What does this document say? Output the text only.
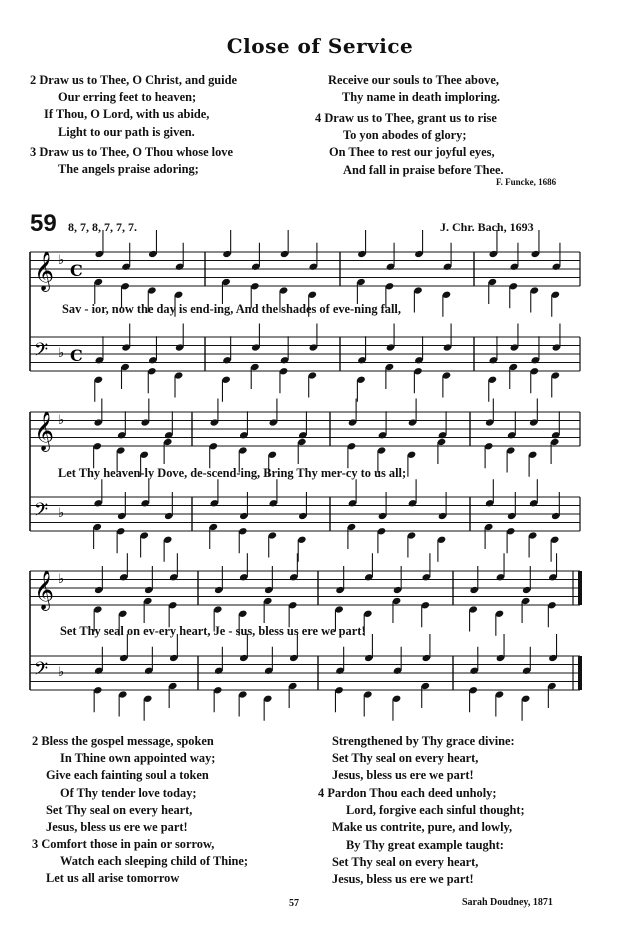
Close of Service
2 Draw us to Thee, O Christ, and guide
Our erring feet to heaven;
If Thou, O Lord, with us abide,
Light to our path is given.
3 Draw us to Thee, O Thou whose love
The angels praise adoring;
Receive our souls to Thee above,
Thy name in death imploring.
4 Draw us to Thee, grant us to rise
To yon abodes of glory;
On Thee to rest our joyful eyes,
And fall in praise before Thee.
F. Funcke, 1686
59 8, 7, 8, 7, 7, 7.	J. Chr. Bach, 1693
𝄞 ♭
C
𝄢 ♭ C
𝄞 ♭
𝄢 ♭
𝄞 ♭
𝄢 ♭
Sav - ior, now the day is end-ing, And the shades of eve-ning fall,
Let Thy heaven-ly Dove, de-scend-ing, Bring Thy mer-cy to us all;
Set Thy seal on ev-ery heart, Je - sus, bless us ere we part!
2 Bless the gospel message, spoken
In Thine own appointed way;
Give each fainting soul a token
Of Thy tender love today;
Set Thy seal on every heart,
Jesus, bless us ere we part!
3 Comfort those in pain or sorrow,
Watch each sleeping child of Thine;
Let us all arise tomorrow
Strengthened by Thy grace divine:
Set Thy seal on every heart,
Jesus, bless us ere we part!
4 Pardon Thou each deed unholy;
Lord, forgive each sinful thought;
Make us contrite, pure, and lowly,
By Thy great example taught:
Set Thy seal on every heart,
Jesus, bless us ere we part!
57	Sarah Doudney, 1871
